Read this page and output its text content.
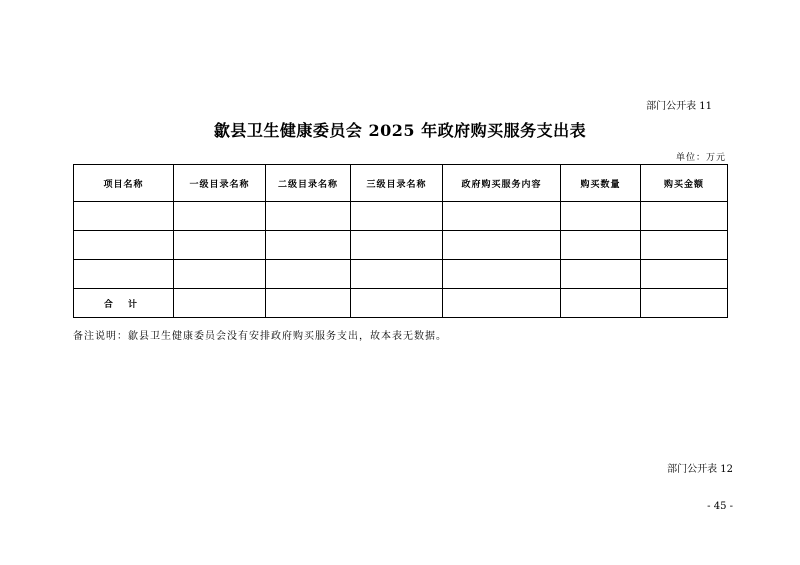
部门公开表 11
歙县卫生健康委员会 2025 年政府购买服务支出表
单位：万元
项目名称	一级目录名称	二级目录名称	三级目录名称	政府购买服务内容	购买数量	购买金额

合 计						
备注说明：歙县卫生健康委员会没有安排政府购买服务支出，故本表无数据。
部门公开表 12
- 45 -
